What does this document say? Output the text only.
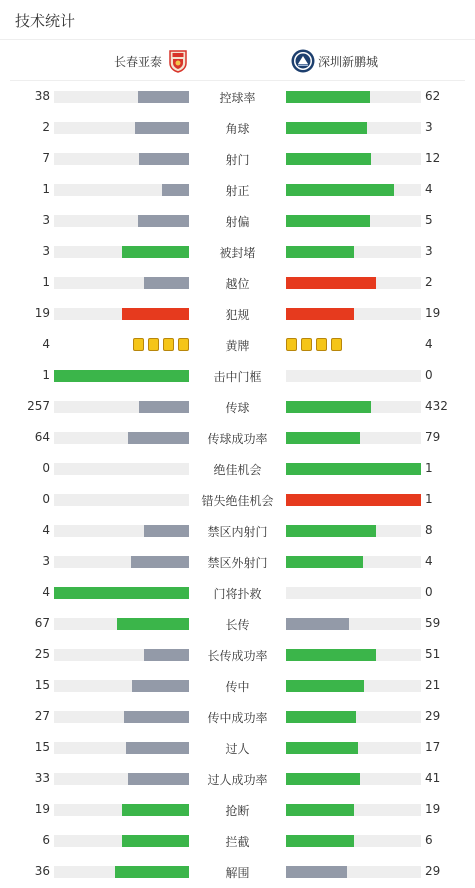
技术统计
长春亚泰	深圳新鹏城
38	控球率	62
2	角球	3
7	射门	12
1	射正	4
3	射偏	5
3	被封堵	3
1	越位	2
19	犯规	19
4	黄牌	4
1	击中门框	0
257	传球	432
64	传球成功率	79
0	绝佳机会	1
0	错失绝佳机会	1
4	禁区内射门	8
3	禁区外射门	4
4	门将扑救	0
67	长传	59
25	长传成功率	51
15	传中	21
27	传中成功率	29
15	过人	17
33	过人成功率	41
19	抢断	19
6	拦截	6
36	解围	29
